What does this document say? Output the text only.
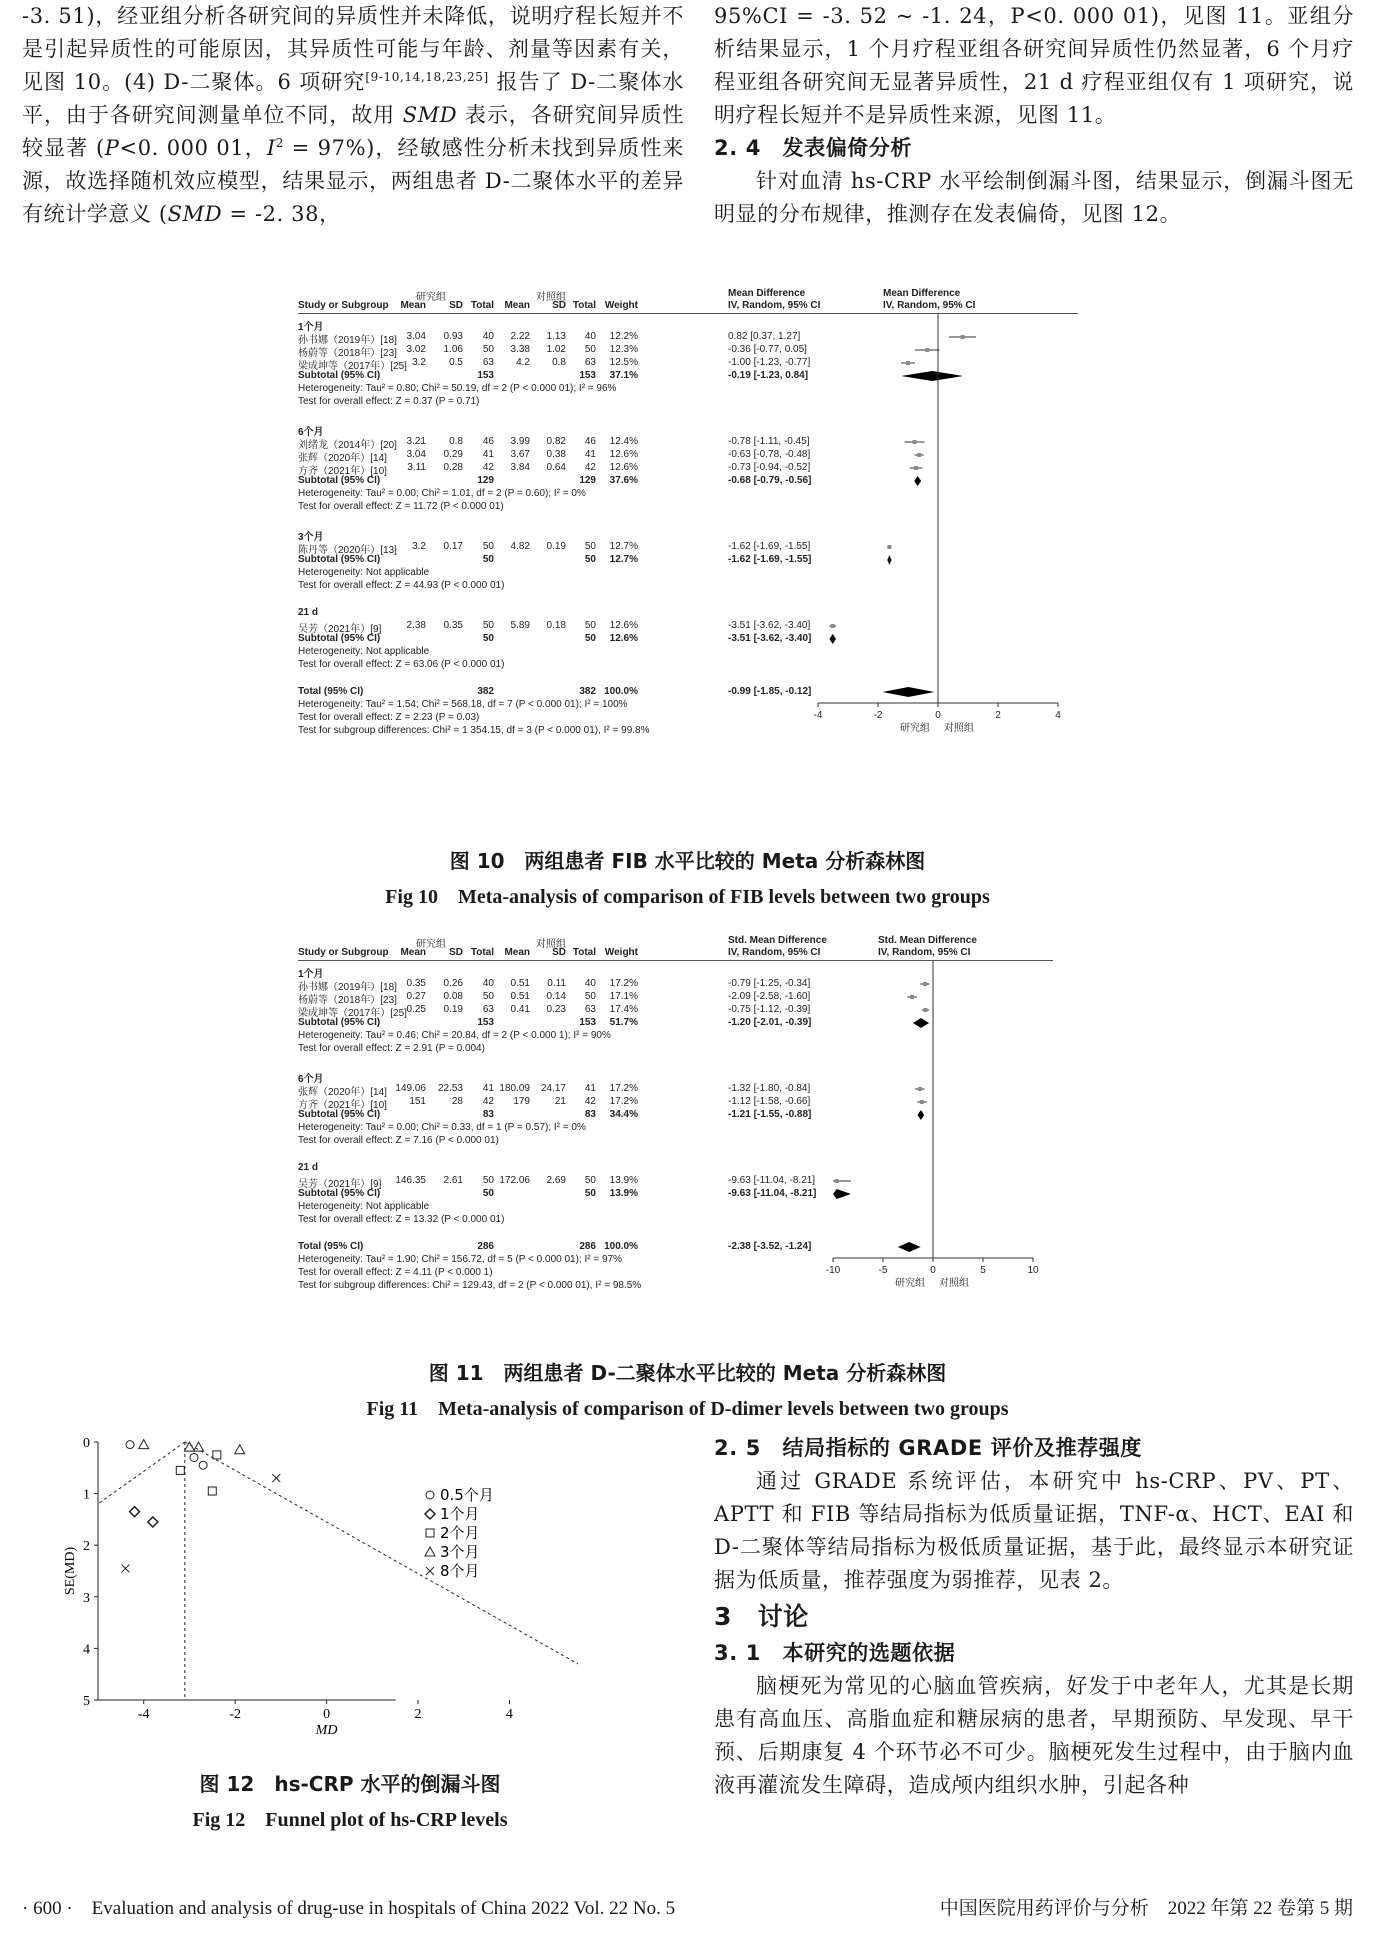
-3. 51)，经亚组分析各研究间的异质性并未降低，说明疗程长短并不是引起异质性的可能原因，其异质性可能与年龄、剂量等因素有关，见图 10。(4) D-二聚体。6 项研究[9-10,14,18,23,25] 报告了 D-二聚体水平，由于各研究间测量单位不同，故用 SMD 表示，各研究间异质性较显著 (P<0. 000 01，$I^2 = 97\%$)，经敏感性分析未找到异质性来源，故选择随机效应模型，结果显示，两组患者 D-二聚体水平的差异有统计学意义 (SMD = -2. 38，

95%CI = -3. 52 ~ -1. 24，P<0. 000 01)，见图 11。亚组分析结果显示，1 个月疗程亚组各研究间异质性仍然显著，6 个月疗程亚组各研究间无显著异质性，21 d 疗程亚组仅有 1 项研究，说明疗程长短并不是异质性来源，见图 11。

2. 4　发表偏倚分析

针对血清 hs-CRP 水平绘制倒漏斗图，结果显示，倒漏斗图无明显的分布规律，推测存在发表偏倚，见图 12。

研究组	对照组	Mean Difference	Mean Difference
Study or Subgroup	Mean	SD Total	Mean	SD Total Weight	IV, Random, 95% CI	IV, Random, 95% CI
-4	-2	0	2	4
研究组 对照组
1个月
孙书娜（2019年）[18] 3.04	0.93	40	2.22	1.13	40	12.2%	0.82 [0.37, 1.27]
杨蔚等（2018年）[23] 3.02	1.06	50	3.38	1.02	50	12.3%	-0.36 [-0.77, 0.05]
梁成坤等（2017年）[25] 3.2	0.5	63	4.2	0.8	63	12.5%	-1.00 [-1.23, -0.77]
Subtotal (95% CI)	153	153	37.1%	-0.19 [-1.23, 0.84]
Heterogeneity: Tau² = 0.80; Chi² = 50.19, df = 2 (P < 0.000 01); I² = 96%
Test for overall effect: Z = 0.37 (P = 0.71)
6个月
刘绪龙（2014年）[20] 3.21	0.8	46	3.99	0.82	46	12.4%	-0.78 [-1.11, -0.45]
张辉（2020年）[14]	3.04	0.29	41	3.67	0.38	41	12.6%	-0.63 [-0.78, -0.48]
方齐（2021年）[10]	3.11	0.28	42	3.84	0.64	42	12.6%	-0.73 [-0.94, -0.52]
Subtotal (95% CI)	129	129	37.6%	-0.68 [-0.79, -0.56]
Heterogeneity: Tau² = 0.00; Chi² = 1.01, df = 2 (P = 0.60); I² = 0%
Test for overall effect: Z = 11.72 (P < 0.000 01)
3个月
陈丹等（2020年）[13]	3.2	0.17	50	4.82	0.19	50	12.7%	-1.62 [-1.69, -1.55]
Subtotal (95% CI)	50	50	12.7%	-1.62 [-1.69, -1.55]
Heterogeneity: Not applicable
Test for overall effect: Z = 44.93 (P < 0.000 01)
21 d
吴芳（2021年）[9]	2.38	0.35	50	5.89	0.18	50	12.6%	-3.51 [-3.62, -3.40]
Subtotal (95% CI)	50	50	12.6%	-3.51 [-3.62, -3.40]
Heterogeneity: Not applicable
Test for overall effect: Z = 63.06 (P < 0.000 01)
Total (95% CI)	382	382 100.0%	-0.99 [-1.85, -0.12]
Heterogeneity: Tau² = 1.54; Chi² = 568.18, df = 7 (P < 0.000 01); I² = 100%
Test for overall effect: Z = 2.23 (P = 0.03)
Test for subgroup differences: Chi² = 1 354.15, df = 3 (P < 0.000 01), I² = 99.8%
图 10　两组患者 FIB 水平比较的 Meta 分析森林图
Fig 10　Meta-analysis of comparison of FIB levels between two groups
研究组	对照组	Std. Mean Difference	Std. Mean Difference
Study or Subgroup	Mean	SD Total	Mean	SD Total Weight	IV, Random, 95% CI	IV, Random, 95% CI
-10	-5	0	5	10
研究组 对照组
1个月
孙书娜（2019年）[18] 0.35	0.26	40	0.51	0.11	40	17.2%	-0.79 [-1.25, -0.34]
杨蔚等（2018年）[23] 0.27	0.08	50	0.51	0.14	50	17.1%	-2.09 [-2.58, -1.60]
梁成坤等（2017年）[25] 0.25	0.19	63	0.41	0.23	63	17.4%	-0.75 [-1.12, -0.39]
Subtotal (95% CI)	153	153	51.7%	-1.20 [-2.01, -0.39]
Heterogeneity: Tau² = 0.46; Chi² = 20.84, df = 2 (P < 0.000 1); I² = 90%
Test for overall effect: Z = 2.91 (P = 0.004)
6个月
张辉（2020年）[14] 149.06	22.53	41 180.09	24.17	41	17.2%	-1.32 [-1.80, -0.84]
方齐（2021年）[10]	151	28	42	179	21	42	17.2%	-1.12 [-1.58, -0.66]
Subtotal (95% CI)	83	83	34.4%	-1.21 [-1.55, -0.88]
Heterogeneity: Tau² = 0.00; Chi² = 0.33, df = 1 (P = 0.57); I² = 0%
Test for overall effect: Z = 7.16 (P < 0.000 01)
21 d
吴芳（2021年）[9]	146.35	2.61	50 172.06	2.69	50	13.9%	-9.63 [-11.04, -8.21]
Subtotal (95% CI)	50	50	13.9%	-9.63 [-11.04, -8.21]
Heterogeneity: Not applicable
Test for overall effect: Z = 13.32 (P < 0.000 01)
Total (95% CI)	286	286 100.0%	-2.38 [-3.52, -1.24]
Heterogeneity: Tau² = 1.90; Chi² = 156.72, df = 5 (P < 0.000 01); I² = 97%
Test for overall effect: Z = 4.11 (P < 0.000 1)
Test for subgroup differences: Chi² = 129.43, df = 2 (P < 0.000 01), I² = 98.5%
图 11　两组患者 D-二聚体水平比较的 Meta 分析森林图
Fig 11　Meta-analysis of comparison of D-dimer levels between two groups
0
1
2
3
4
5
-4	-2	0	2	4
MD
SE(MD)
0.5个月
1个月
2个月
3个月
8个月
图 12　hs-CRP 水平的倒漏斗图
Fig 12　Funnel plot of hs-CRP levels

2. 5　结局指标的 GRADE 评价及推荐强度

通过 GRADE 系统评估，本研究中 hs-CRP、PV、PT、APTT 和 FIB 等结局指标为低质量证据，TNF-α、HCT、EAI 和 D-二聚体等结局指标为极低质量证据，基于此，最终显示本研究证据为低质量，推荐强度为弱推荐，见表 2。

3　讨论

3. 1　本研究的选题依据

脑梗死为常见的心脑血管疾病，好发于中老年人，尤其是长期患有高血压、高脂血症和糖尿病的患者，早期预防、早发现、早干预、后期康复 4 个环节必不可少。脑梗死发生过程中，由于脑内血液再灌流发生障碍，造成颅内组织水肿，引起各种

· 600 ·　Evaluation and analysis of drug-use in hospitals of China 2022 Vol. 22 No. 5	中国医院用药评价与分析　2022 年第 22 卷第 5 期
